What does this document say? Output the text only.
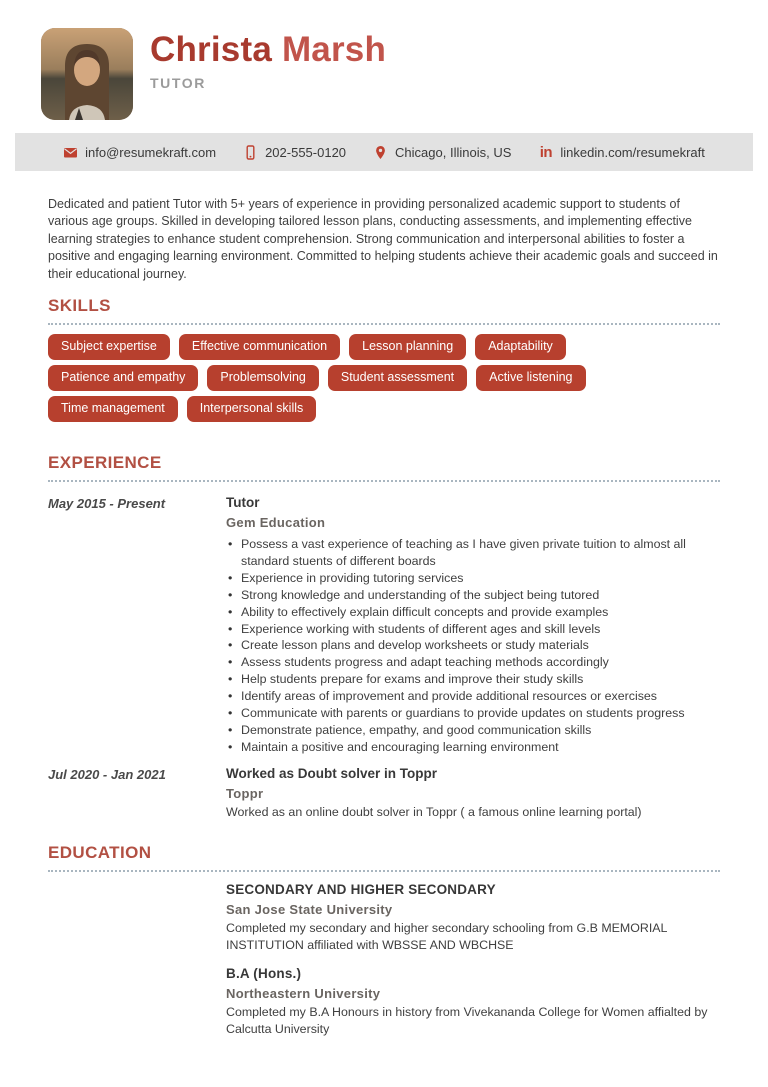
Christa Marsh
TUTOR
info@resumekraft.com	202-555-0120	Chicago, Illinois, US in linkedin.com/resumekraft

Dedicated and patient Tutor with 5+ years of experience in providing personalized academic support to students of various age groups. Skilled in developing tailored lesson plans, conducting assessments, and implementing effective learning strategies to enhance student comprehension. Strong communication and interpersonal abilities to foster a positive and engaging learning environment. Committed to helping students achieve their academic goals and succeed in their educational journey.

SKILLS
Subject expertise	Effective communication	Lesson planning	Adaptability
Patience and empathy	Problemsolving	Student assessment	Active listening
Time management	Interpersonal skills
EXPERIENCE
May 2015 - Present	Tutor
Gem Education
• Possess a vast experience of teaching as I have given private tuition to almost all standard stuents of different boards
• Experience in providing tutoring services
• Strong knowledge and understanding of the subject being tutored
• Ability to effectively explain difficult concepts and provide examples
• Experience working with students of different ages and skill levels
• Create lesson plans and develop worksheets or study materials
• Assess students progress and adapt teaching methods accordingly
• Help students prepare for exams and improve their study skills
• Identify areas of improvement and provide additional resources or exercises
• Communicate with parents or guardians to provide updates on students progress
• Demonstrate patience, empathy, and good communication skills
• Maintain a positive and encouraging learning environment
Jul 2020 - Jan 2021	Worked as Doubt solver in Toppr
Toppr
Worked as an online doubt solver in Toppr ( a famous online learning portal)
EDUCATION
SECONDARY AND HIGHER SECONDARY
San Jose State University
Completed my secondary and higher secondary schooling from G.B MEMORIAL INSTITUTION affiliated with WBSSE AND WBCHSE
B.A (Hons.)
Northeastern University
Completed my B.A Honours in history from Vivekananda College for Women affialted by Calcutta University
